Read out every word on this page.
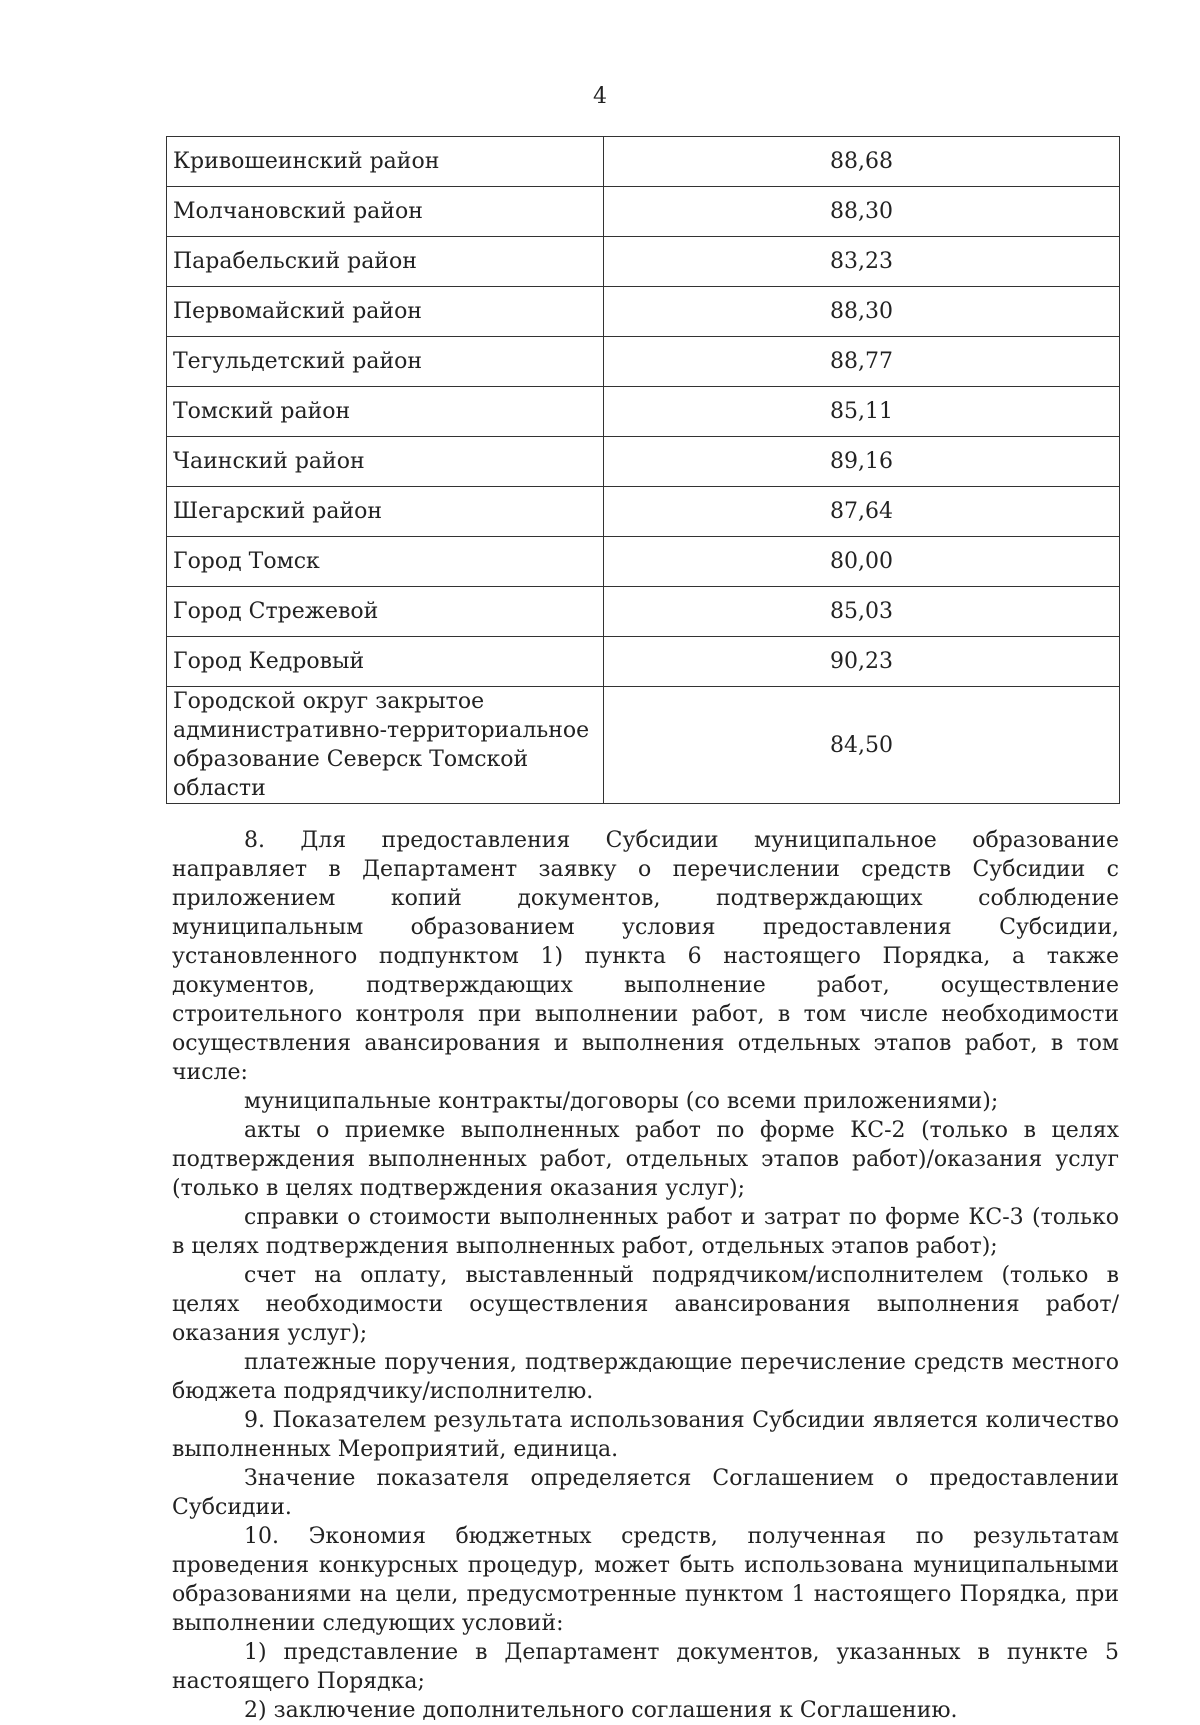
4
Кривошеинский район	88,68
Молчановский район	88,30
Парабельский район	83,23
Первомайский район	88,30
Тегульдетский район	88,77
Томский район	85,11
Чаинский район	89,16
Шегарский район	87,64
Город Томск	80,00
Город Стрежевой	85,03
Город Кедровый	90,23
Городской округ закрытое административно-территориальное образование Северск Томской области	84,50

8. Для предоставления Субсидии муниципальное образование направляет в Департамент заявку о перечислении средств Субсидии с приложением копий документов, подтверждающих соблюдение муниципальным образованием условия предоставления Субсидии, установленного подпунктом 1) пункта 6 настоящего Порядка, а также документов, подтверждающих выполнение работ, осуществление строительного контроля при выполнении работ, в том числе необходимости осуществления авансирования и выполнения отдельных этапов работ, в том числе:

муниципальные контракты/договоры (со всеми приложениями);

акты о приемке выполненных работ по форме КС-2 (только в целях подтверждения выполненных работ, отдельных этапов работ)/оказания услуг (только в целях подтверждения оказания услуг);

справки о стоимости выполненных работ и затрат по форме КС-3 (только в целях подтверждения выполненных работ, отдельных этапов работ);

счет на оплату, выставленный подрядчиком/исполнителем (только в целях необходимости осуществления авансирования выполнения работ/оказания услуг);

платежные поручения, подтверждающие перечисление средств местного бюджета подрядчику/исполнителю.

9. Показателем результата использования Субсидии является количество выполненных Мероприятий, единица.

Значение показателя определяется Соглашением о предоставлении Субсидии.

10. Экономия бюджетных средств, полученная по результатам проведения конкурсных процедур, может быть использована муниципальными образованиями на цели, предусмотренные пунктом 1 настоящего Порядка, при выполнении следующих условий:

1) представление в Департамент документов, указанных в пункте 5 настоящего Порядка;

2) заключение дополнительного соглашения к Соглашению.
